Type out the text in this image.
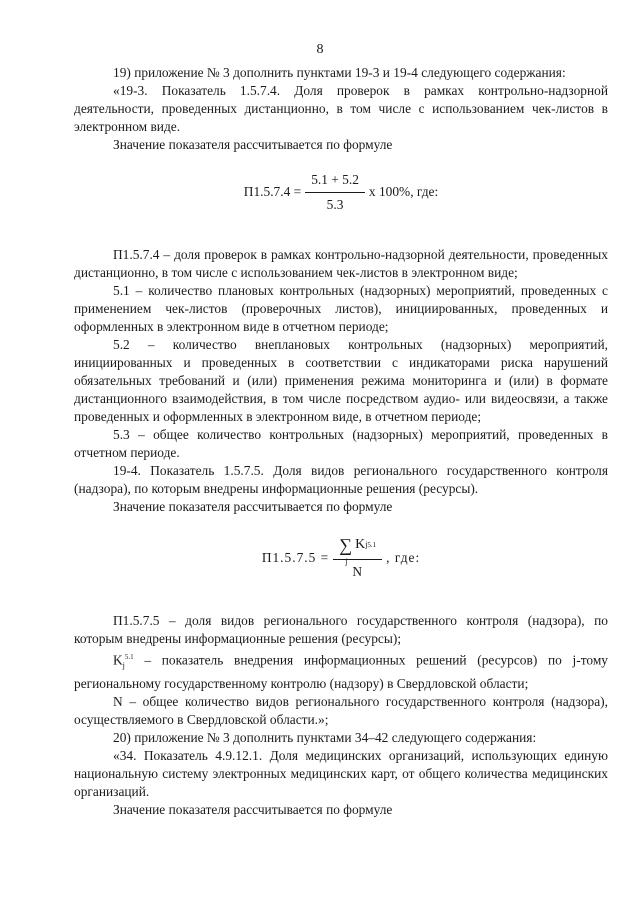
8

19) приложение № 3 дополнить пунктами 19-3 и 19-4 следующего содержания:

«19-3. Показатель 1.5.7.4. Доля проверок в рамках контрольно-надзорной деятельности, проведенных дистанционно, в том числе с использованием чек-листов в электронном виде.

Значение показателя рассчитывается по формуле

$П1.5.7.4 = \frac{5.1 + 5.2}{5.3}$ x 100%, где:

П1.5.7.4 – доля проверок в рамках контрольно-надзорной деятельности, проведенных дистанционно, в том числе с использованием чек-листов в электронном виде;

5.1 – количество плановых контрольных (надзорных) мероприятий, проведенных с применением чек-листов (проверочных листов), инициированных, проведенных и оформленных в электронном виде в отчетном периоде;

5.2 – количество внеплановых контрольных (надзорных) мероприятий, инициированных и проведенных в соответствии с индикаторами риска нарушений обязательных требований и (или) применения режима мониторинга и (или) в формате дистанционного взаимодействия, в том числе посредством аудио- или видеосвязи, а также проведенных и оформленных в электронном виде, в отчетном периоде;

5.3 – общее количество контрольных (надзорных) мероприятий, проведенных в отчетном периоде.

19-4. Показатель 1.5.7.5. Доля видов регионального государственного контроля (надзора), по которым внедрены информационные решения (ресурсы).

Значение показателя рассчитывается по формуле

П1.5.7.5 = ∑
j
K j 5.1
N , где:

П1.5.7.5 – доля видов регионального государственного контроля (надзора), по которым внедрены информационные решения (ресурсы);

$K_j^{5.1}$ – показатель внедрения информационных решений (ресурсов) по j-тому региональному государственному контролю (надзору) в Свердловской области;

N – общее количество видов регионального государственного контроля (надзора), осуществляемого в Свердловской области.»;

20) приложение № 3 дополнить пунктами 34–42 следующего содержания:

«34. Показатель 4.9.12.1. Доля медицинских организаций, использующих единую национальную систему электронных медицинских карт, от общего количества медицинских организаций.

Значение показателя рассчитывается по формуле
